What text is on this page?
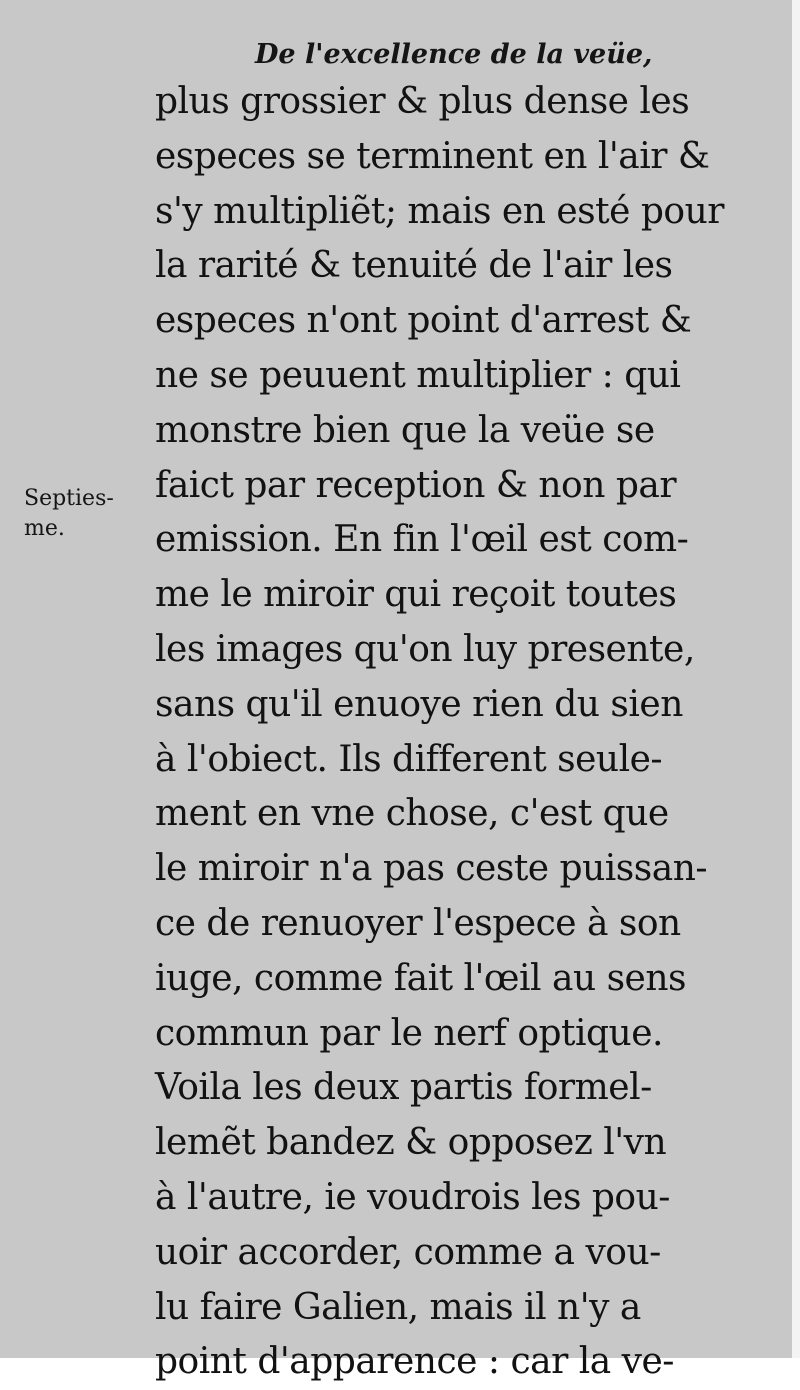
De l'excellence de la veüe,
Septies-
me.
plus grossier & plus dense les
especes se terminent en l'air &
s'y multipliẽt; mais en esté pour
la rarité & tenuité de l'air les
especes n'ont point d'arrest &
ne se peuuent multiplier : qui
monstre bien que la veüe se
faict par reception & non par
emission. En fin l'œil est com-
me le miroir qui reçoit toutes
les images qu'on luy presente,
sans qu'il enuoye rien du sien
à l'obiect. Ils different seule-
ment en vne chose, c'est que
le miroir n'a pas ceste puissan-
ce de renuoyer l'espece à son
iuge, comme fait l'œil au sens
commun par le nerf optique.
Voila les deux partis formel-
lemẽt bandez & opposez l'vn
à l'autre, ie voudrois les pou-
uoir accorder, comme a vou-
lu faire Galien, mais il n'y a
point d'apparence : car la ve-
